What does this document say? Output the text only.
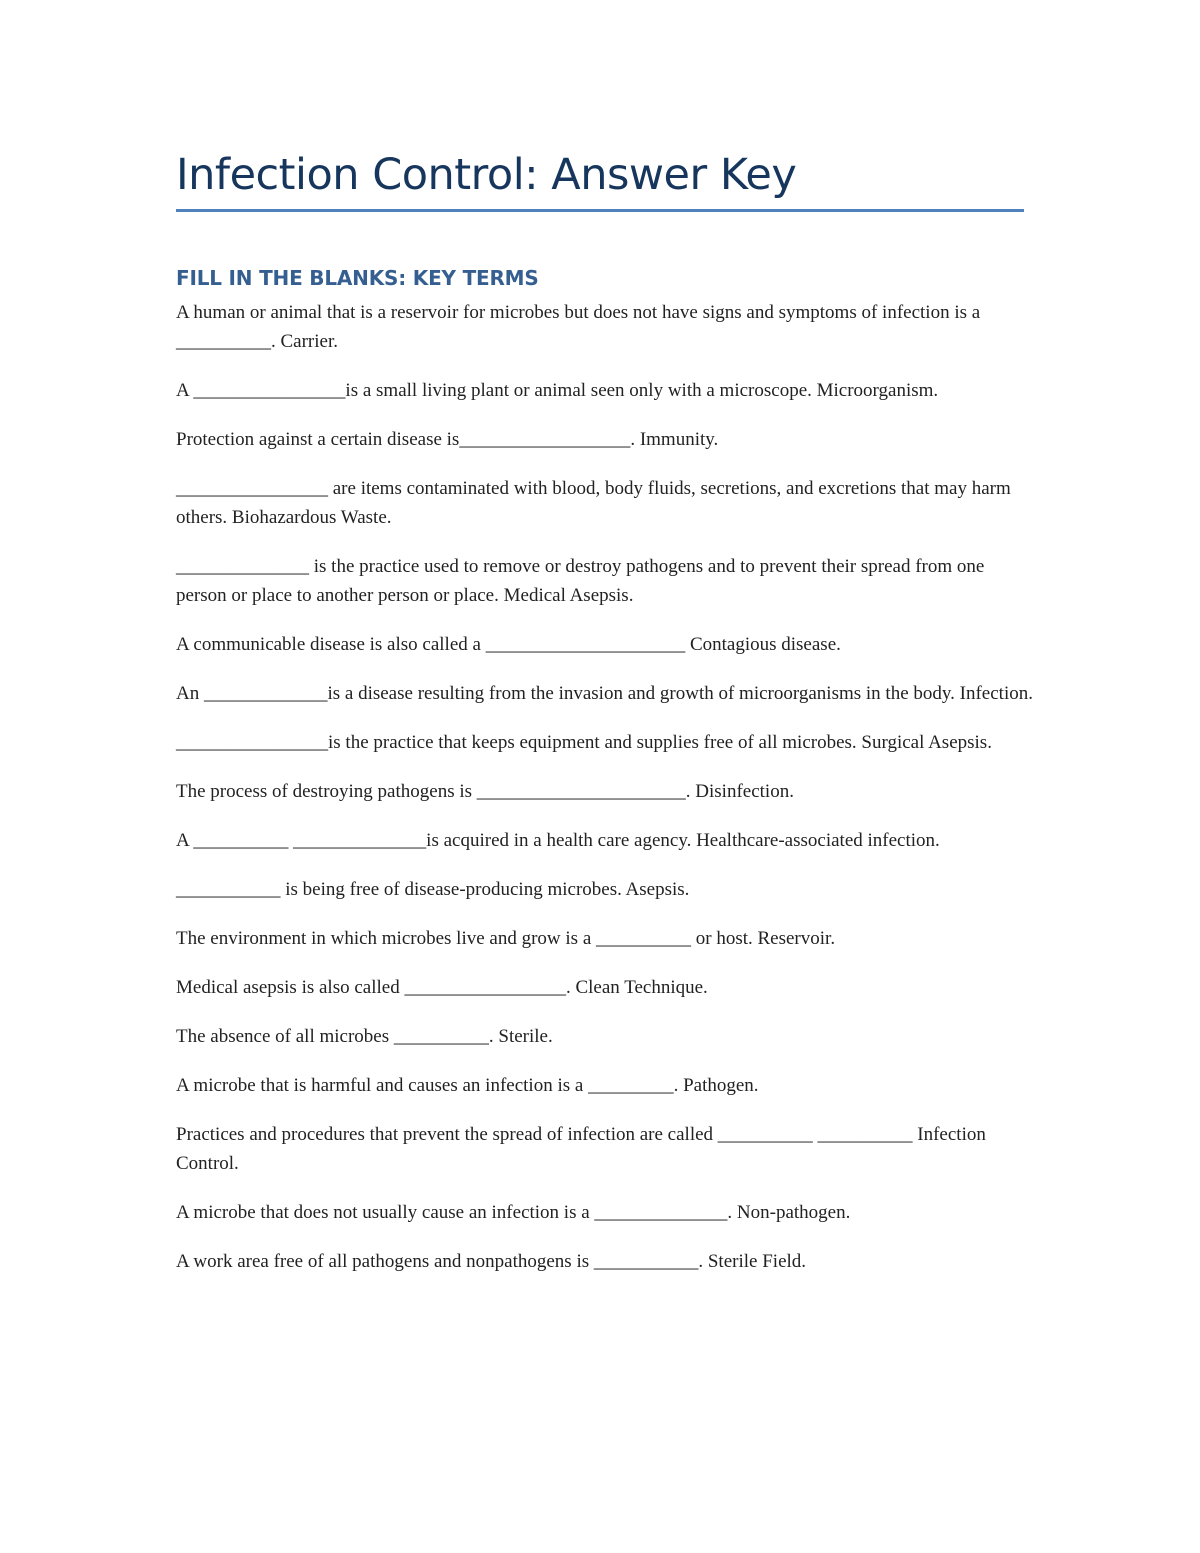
Infection Control: Answer Key
FILL IN THE BLANKS: KEY TERMS

A human or animal that is a reservoir for microbes but does not have signs and symptoms of infection is a __________. Carrier.

A ________________is a small living plant or animal seen only with a microscope. Microorganism.

Protection against a certain disease is__________________. Immunity.

________________ are items contaminated with blood, body fluids, secretions, and excretions that may harm others. Biohazardous Waste.

______________ is the practice used to remove or destroy pathogens and to prevent their spread from one person or place to another person or place. Medical Asepsis.

A communicable disease is also called a _____________________ Contagious disease.

An _____________is a disease resulting from the invasion and growth of microorganisms in the body. Infection.

________________is the practice that keeps equipment and supplies free of all microbes. Surgical Asepsis.

The process of destroying pathogens is ______________________. Disinfection.

A __________ ______________is acquired in a health care agency. Healthcare-associated infection.

___________ is being free of disease-producing microbes. Asepsis.

The environment in which microbes live and grow is a __________ or host. Reservoir.

Medical asepsis is also called _________________. Clean Technique.

The absence of all microbes __________. Sterile.

A microbe that is harmful and causes an infection is a _________. Pathogen.

Practices and procedures that prevent the spread of infection are called __________ __________ Infection Control.

A microbe that does not usually cause an infection is a ______________. Non-pathogen.

A work area free of all pathogens and nonpathogens is ___________. Sterile Field.
